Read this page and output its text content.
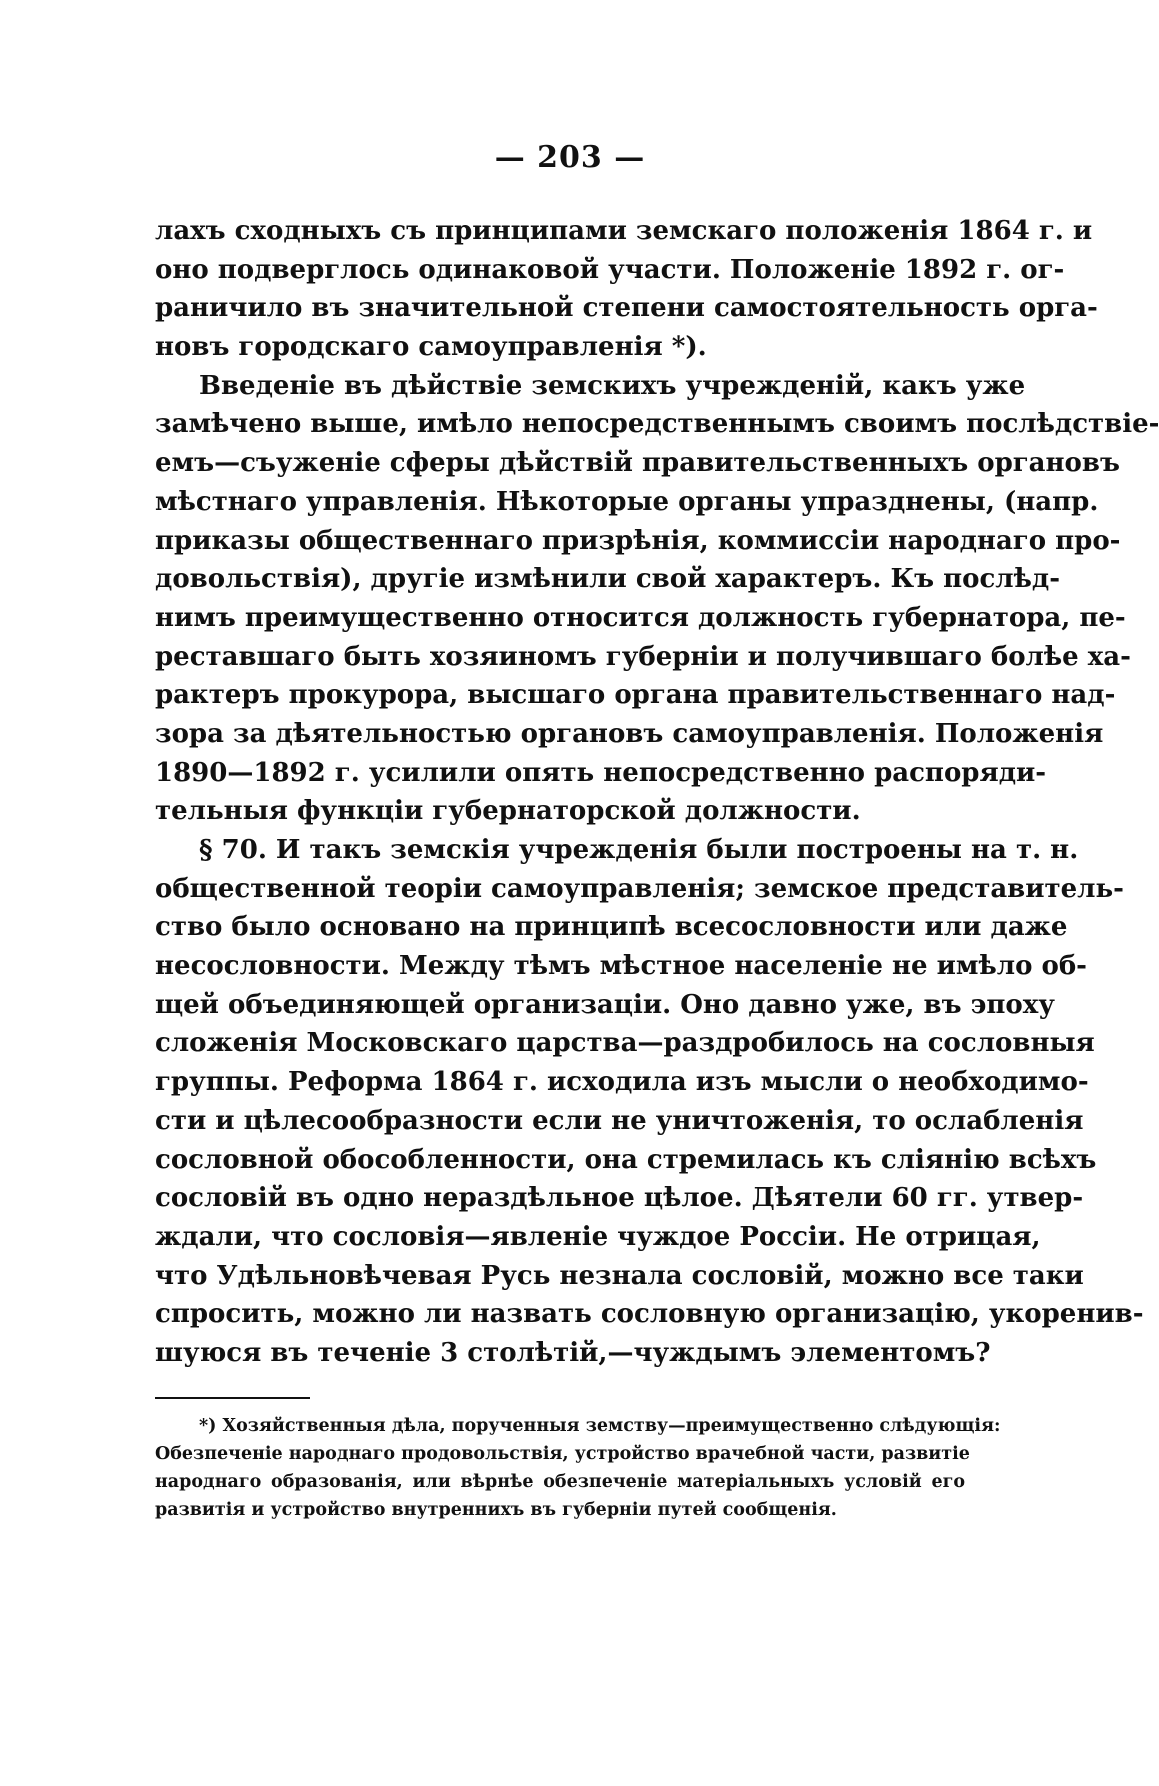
— 203 —
лахъ сходныхъ съ принципами земскаго положенія 1864 г. и
оно подверглось одинаковой участи. Положеніе 1892 г. ог-
раничило въ значительной степени самостоятельность орга-
новъ городскаго самоуправленія *).
Введеніе въ дѣйствіе земскихъ учрежденій, какъ уже
замѣчено выше, имѣло непосредственнымъ своимъ послѣдствіе-
емъ—съуженіе сферы дѣйствій правительственныхъ органовъ
мѣстнаго управленія. Нѣкоторые органы упразднены, (напр.
приказы общественнаго призрѣнія, коммиссіи народнаго про-
довольствія), другіе измѣнили свой характеръ. Къ послѣд-
нимъ преимущественно относится должность губернатора, пе-
реставшаго быть хозяиномъ губерніи и получившаго болѣе ха-
рактеръ прокурора, высшаго органа правительственнаго над-
зора за дѣятельностью органовъ самоуправленія. Положенія
1890—1892 г. усилили опять непосредственно распоряди-
тельныя функціи губернаторской должности.
§ 70. И такъ земскія учрежденія были построены на т. н.
общественной теоріи самоуправленія; земское представитель-
ство было основано на принципѣ всесословности или даже
несословности. Между тѣмъ мѣстное населеніе не имѣло об-
щей объединяющей организаціи. Оно давно уже, въ эпоху
сложенія Московскаго царства—раздробилось на сословныя
группы. Реформа 1864 г. исходила изъ мысли о необходимо-
сти и цѣлесообразности если не уничтоженія, то ослабленія
сословной обособленности, она стремилась къ слiянію всѣхъ
сословій въ одно нераздѣльное цѣлое. Дѣятели 60 гг. утвер-
ждали, что сословія—явленіе чуждое Россіи. Не отрицая,
что Удѣльновѣчевая Русь незнала сословій, можно все таки
спросить, можно ли назвать сословную организацію, укоренив-
шуюся въ теченіе 3 столѣтій,—чуждымъ элементомъ?
*) Хозяйственныя дѣла, порученныя земству—преимущественно слѣдующія:
Обезпеченіе народнаго продовольствія, устройство врачебной части, развитіе
народнаго образованія, или вѣрнѣе обезпеченіе матеріальныхъ условій его
развитія и устройство внутреннихъ въ губерніи путей сообщенія.
